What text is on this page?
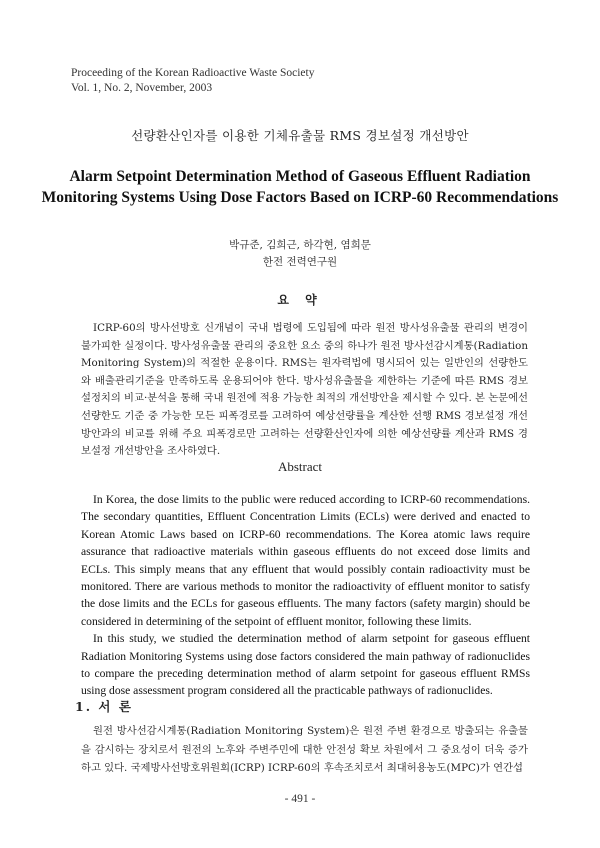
Proceeding of the Korean Radioactive Waste Society
Vol. 1, No. 2, November, 2003
선량환산인자를 이용한 기체유출물 RMS 경보설정 개선방안
Alarm Setpoint Determination Method of Gaseous Effluent Radiation Monitoring Systems Using Dose Factors Based on ICRP-60 Recommendations
박규준, 김희근, 하각현, 염희문
한전 전력연구원
요 약

ICRP-60의 방사선방호 신개념이 국내 법령에 도입됨에 따라 원전 방사성유출물 관리의 변경이 불가피한 실정이다. 방사성유출물 관리의 중요한 요소 중의 하나가 원전 방사선감시계통(Radiation Monitoring System)의 적절한 운용이다. RMS는 원자력법에 명시되어 있는 일반인의 선량한도와 배출관리기준을 만족하도록 운용되어야 한다. 방사성유출물을 제한하는 기준에 따른 RMS 경보설정치의 비교·분석을 통해 국내 원전에 적용 가능한 최적의 개선방안을 제시할 수 있다. 본 논문에선 선량한도 기준 중 가능한 모든 피폭경로를 고려하여 예상선량률을 계산한 선행 RMS 경보설정 개선방안과의 비교를 위해 주요 피폭경로만 고려하는 선량환산인자에 의한 예상선량률 계산과 RMS 경보설정 개선방안을 조사하였다.

Abstract

In Korea, the dose limits to the public were reduced according to ICRP-60 recommendations. The secondary quantities, Effluent Concentration Limits (ECLs) were derived and enacted to Korean Atomic Laws based on ICRP-60 recommendations. The Korea atomic laws require assurance that radioactive materials within gaseous effluents do not exceed dose limits and ECLs. This simply means that any effluent that would possibly contain radioactivity must be monitored. There are various methods to monitor the radioactivity of effluent monitor to satisfy the dose limits and the ECLs for gaseous effluents. The many factors (safety margin) should be considered in determining of the setpoint of effluent monitor, following these limits.

In this study, we studied the determination method of alarm setpoint for gaseous effluent Radiation Monitoring Systems using dose factors considered the main pathway of radionuclides to compare the preceding determination method of alarm setpoint for gaseous effluent RMSs using dose assessment program considered all the practicable pathways of radionuclides.

1. 서 론

원전 방사선감시계통(Radiation Monitoring System)은 원전 주변 환경으로 방출되는 유출물을 감시하는 장치로서 원전의 노후와 주변주민에 대한 안전성 확보 차원에서 그 중요성이 더욱 증가하고 있다. 국제방사선방호위원회(ICRP) ICRP-60의 후속조치로서 최대허용농도(MPC)가 연간섭

- 491 -
